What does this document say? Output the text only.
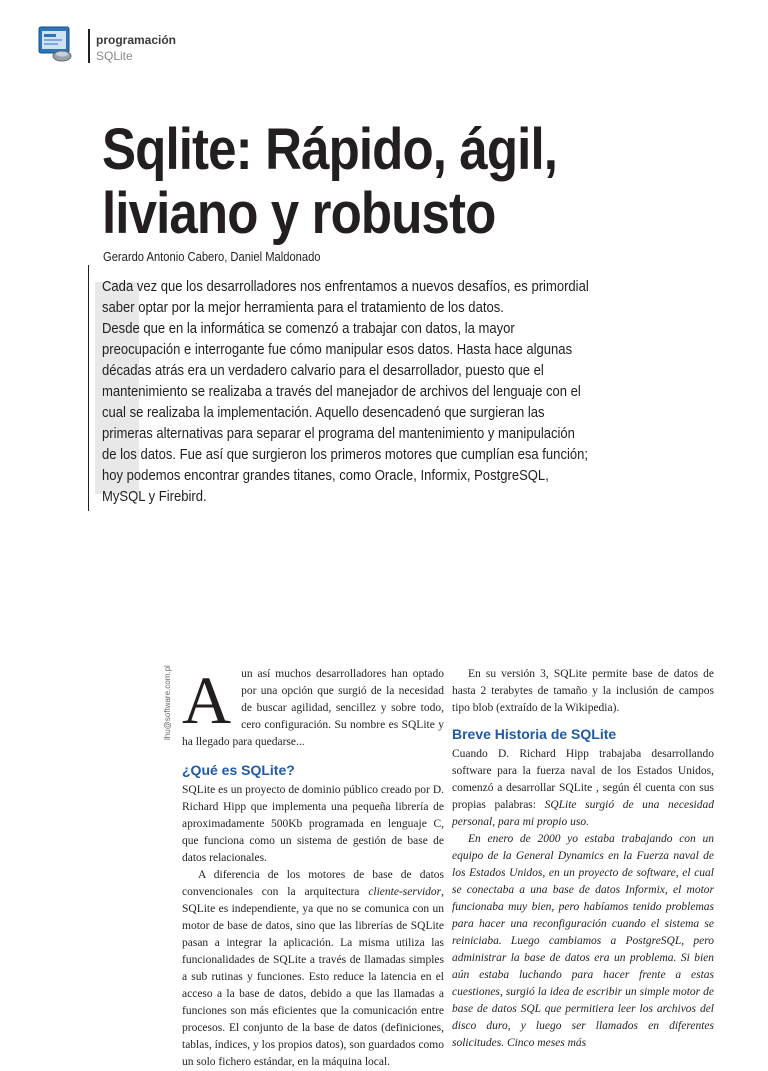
programación
SQLite
Sqlite: Rápido, ágil, liviano y robusto
Gerardo Antonio Cabero, Daniel Maldonado

Cada vez que los desarrolladores nos enfrentamos a nuevos desafíos, es primordial saber optar por la mejor herramienta para el tratamiento de los datos.

Desde que en la informática se comenzó a trabajar con datos, la mayor preocupación e interrogante fue cómo manipular esos datos. Hasta hace algunas décadas atrás era un verdadero calvario para el desarrollador, puesto que el mantenimiento se realizaba a través del manejador de archivos del lenguaje con el cual se realizaba la implementación. Aquello desencadenó que surgieran las primeras alternativas para separar el programa del mantenimiento y manipulación de los datos. Fue así que surgieron los primeros motores que cumplían esa función; hoy podemos encontrar grandes titanes, como Oracle, Informix, PostgreSQL, MySQL y Firebird.

lhu@software.com.pl Aun así muchos desarrolladores han optado por una opción que surgió de la necesidad de buscar agilidad, sencillez y sobre todo, cero configuración. Su nombre es SQLite y ha llegado para quedarse...

¿Qué es SQLite?

SQLite es un proyecto de dominio público creado por D. Richard Hipp que implementa una pequeña librería de aproximadamente 500Kb programada en lenguaje C, que funciona como un sistema de gestión de base de datos relacionales.

A diferencia de los motores de base de datos convencionales con la arquitectura cliente-servidor, SQLite es independiente, ya que no se comunica con un motor de base de datos, sino que las librerías de SQLite pasan a integrar la aplicación. La misma utiliza las funcionalidades de SQLite a través de llamadas simples a sub rutinas y funciones. Esto reduce la latencia en el acceso a la base de datos, debido a que las llamadas a funciones son más eficientes que la comunicación entre procesos. El conjunto de la base de datos (definiciones, tablas, índices, y los propios datos), son guardados como un solo fichero estándar, en la máquina local.

En su versión 3, SQLite permite base de datos de hasta 2 terabytes de tamaño y la inclusión de campos tipo blob (extraído de la Wikipedia).

Breve Historia de SQLite

Cuando D. Richard Hipp trabajaba desarrollando software para la fuerza naval de los Estados Unidos, comenzó a desarrollar SQLite , según él cuenta con sus propias palabras: SQLite surgió de una necesidad personal, para mi propio uso.

En enero de 2000 yo estaba trabajando con un equipo de la General Dynamics en la Fuerza naval de los Estados Unidos, en un proyecto de software, el cual se conectaba a una base de datos Informix, el motor funcionaba muy bien, pero habíamos tenido problemas para hacer una reconfiguración cuando el sistema se reiniciaba. Luego cambiamos a PostgreSQL, pero administrar la base de datos era un problema. Si bien aún estaba luchando para hacer frente a estas cuestiones, surgió la idea de escribir un simple motor de base de datos SQL que permitiera leer los archivos del disco duro, y luego ser llamados en diferentes solicitudes. Cinco meses más
